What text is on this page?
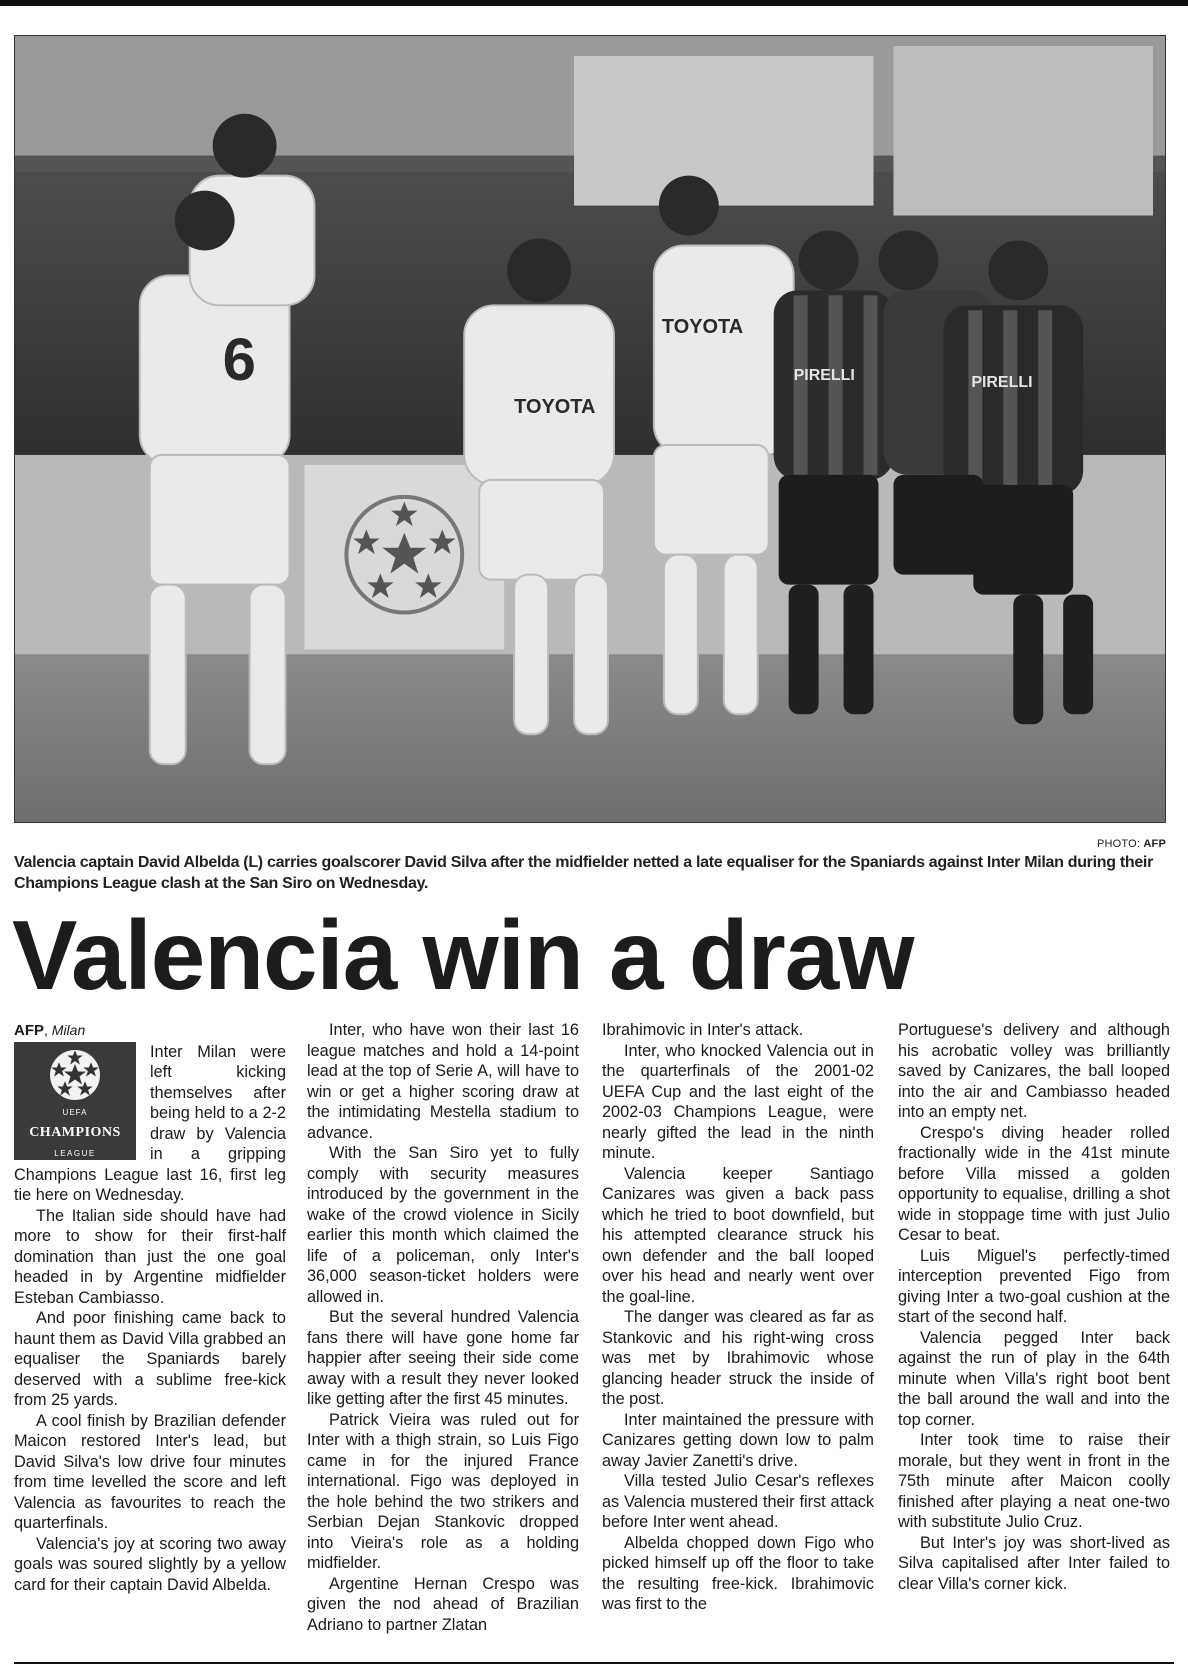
6
TOYOTA
TOYOTA
PIRELLI	PIRELLI
PHOTO: AFP
Valencia captain David Albelda (L) carries goalscorer David Silva after the midfielder netted a late equaliser for the Spaniards against Inter Milan during their Champions League clash at the San Siro on Wednesday.
Valencia win a draw

AFP, Milan

UEFA
CHAMPIONS
LEAGUE

Inter Milan were left kicking themselves after being held to a 2-2 draw by Valencia in a gripping Champions League last 16, first leg tie here on Wednesday.

The Italian side should have had more to show for their first-half domination than just the one goal headed in by Argentine midfielder Esteban Cambiasso.

And poor finishing came back to haunt them as David Villa grabbed an equaliser the Spaniards barely deserved with a sublime free-kick from 25 yards.

A cool finish by Brazilian defender Maicon restored Inter's lead, but David Silva's low drive four minutes from time levelled the score and left Valencia as favourites to reach the quarterfinals.

Valencia's joy at scoring two away goals was soured slightly by a yellow card for their captain David Albelda.

Inter, who have won their last 16 league matches and hold a 14-point lead at the top of Serie A, will have to win or get a higher scoring draw at the intimidating Mestella stadium to advance.

With the San Siro yet to fully comply with security measures introduced by the government in the wake of the crowd violence in Sicily earlier this month which claimed the life of a policeman, only Inter's 36,000 season-ticket holders were allowed in.

But the several hundred Valencia fans there will have gone home far happier after seeing their side come away with a result they never looked like getting after the first 45 minutes.

Patrick Vieira was ruled out for Inter with a thigh strain, so Luis Figo came in for the injured France international. Figo was deployed in the hole behind the two strikers and Serbian Dejan Stankovic dropped into Vieira's role as a holding midfielder.

Argentine Hernan Crespo was given the nod ahead of Brazilian Adriano to partner Zlatan

Ibrahimovic in Inter's attack.

Inter, who knocked Valencia out in the quarterfinals of the 2001-02 UEFA Cup and the last eight of the 2002-03 Champions League, were nearly gifted the lead in the ninth minute.

Valencia keeper Santiago Canizares was given a back pass which he tried to boot downfield, but his attempted clearance struck his own defender and the ball looped over his head and nearly went over the goal-line.

The danger was cleared as far as Stankovic and his right-wing cross was met by Ibrahimovic whose glancing header struck the inside of the post.

Inter maintained the pressure with Canizares getting down low to palm away Javier Zanetti's drive.

Villa tested Julio Cesar's reflexes as Valencia mustered their first attack before Inter went ahead.

Albelda chopped down Figo who picked himself up off the floor to take the resulting free-kick. Ibrahimovic was first to the

Portuguese's delivery and although his acrobatic volley was brilliantly saved by Canizares, the ball looped into the air and Cambiasso headed into an empty net.

Crespo's diving header rolled fractionally wide in the 41st minute before Villa missed a golden opportunity to equalise, drilling a shot wide in stoppage time with just Julio Cesar to beat.

Luis Miguel's perfectly-timed interception prevented Figo from giving Inter a two-goal cushion at the start of the second half.

Valencia pegged Inter back against the run of play in the 64th minute when Villa's right boot bent the ball around the wall and into the top corner.

Inter took time to raise their morale, but they went in front in the 75th minute after Maicon coolly finished after playing a neat one-two with substitute Julio Cruz.

But Inter's joy was short-lived as Silva capitalised after Inter failed to clear Villa's corner kick.
